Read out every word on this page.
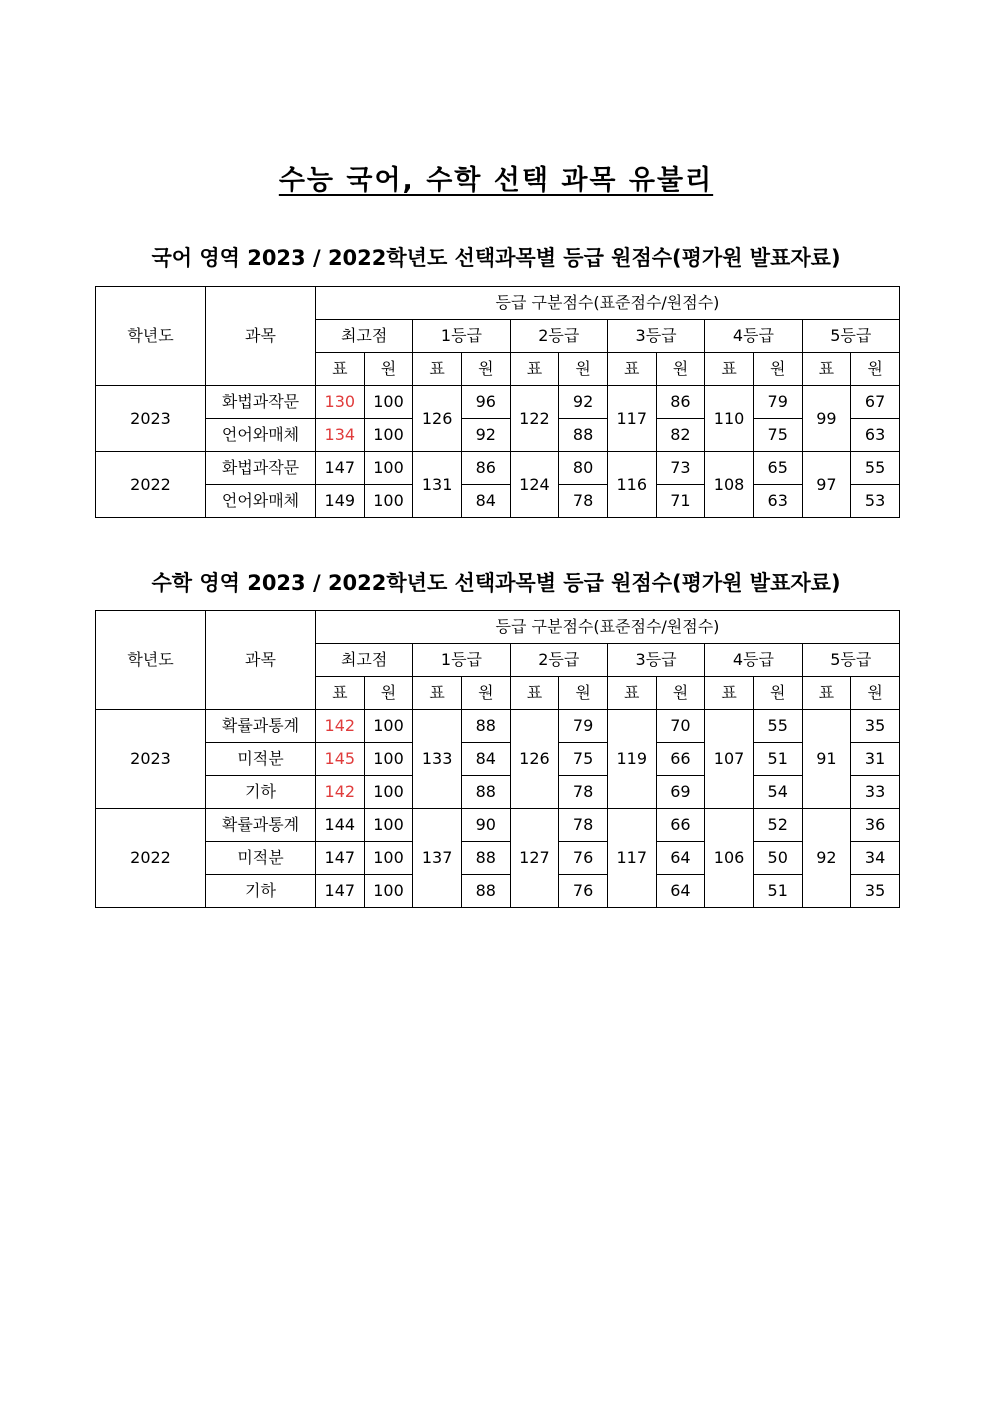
수능 국어, 수학 선택 과목 유불리
국어 영역 2023 / 2022학년도 선택과목별 등급 원점수(평가원 발표자료)
학년도	과목	등급 구분점수(표준점수/원점수)											
		최고점		1등급		2등급		3등급		4등급		5등급	
		표	원	표	원	표	원	표	원	표	원	표	원
2023	화법과작문	130	100	126	96	122	92	117	86	110	79	99	67
	언어와매체	134	100		92		88		82		75		63
2022	화법과작문	147	100	131	86	124	80	116	73	108	65	97	55
	언어와매체	149	100		84		78		71		63		53
수학 영역 2023 / 2022학년도 선택과목별 등급 원점수(평가원 발표자료)
학년도	과목	등급 구분점수(표준점수/원점수)											
		최고점		1등급		2등급		3등급		4등급		5등급	
		표	원	표	원	표	원	표	원	표	원	표	원
2023	확률과통계	142	100	133	88	126	79	119	70	107	55	91	35
	미적분	145	100		84		75		66		51		31
	기하	142	100		88		78		69		54		33
2022	확률과통계	144	100	137	90	127	78	117	66	106	52	92	36
	미적분	147	100		88		76		64		50		34
	기하	147	100		88		76		64		51		35
